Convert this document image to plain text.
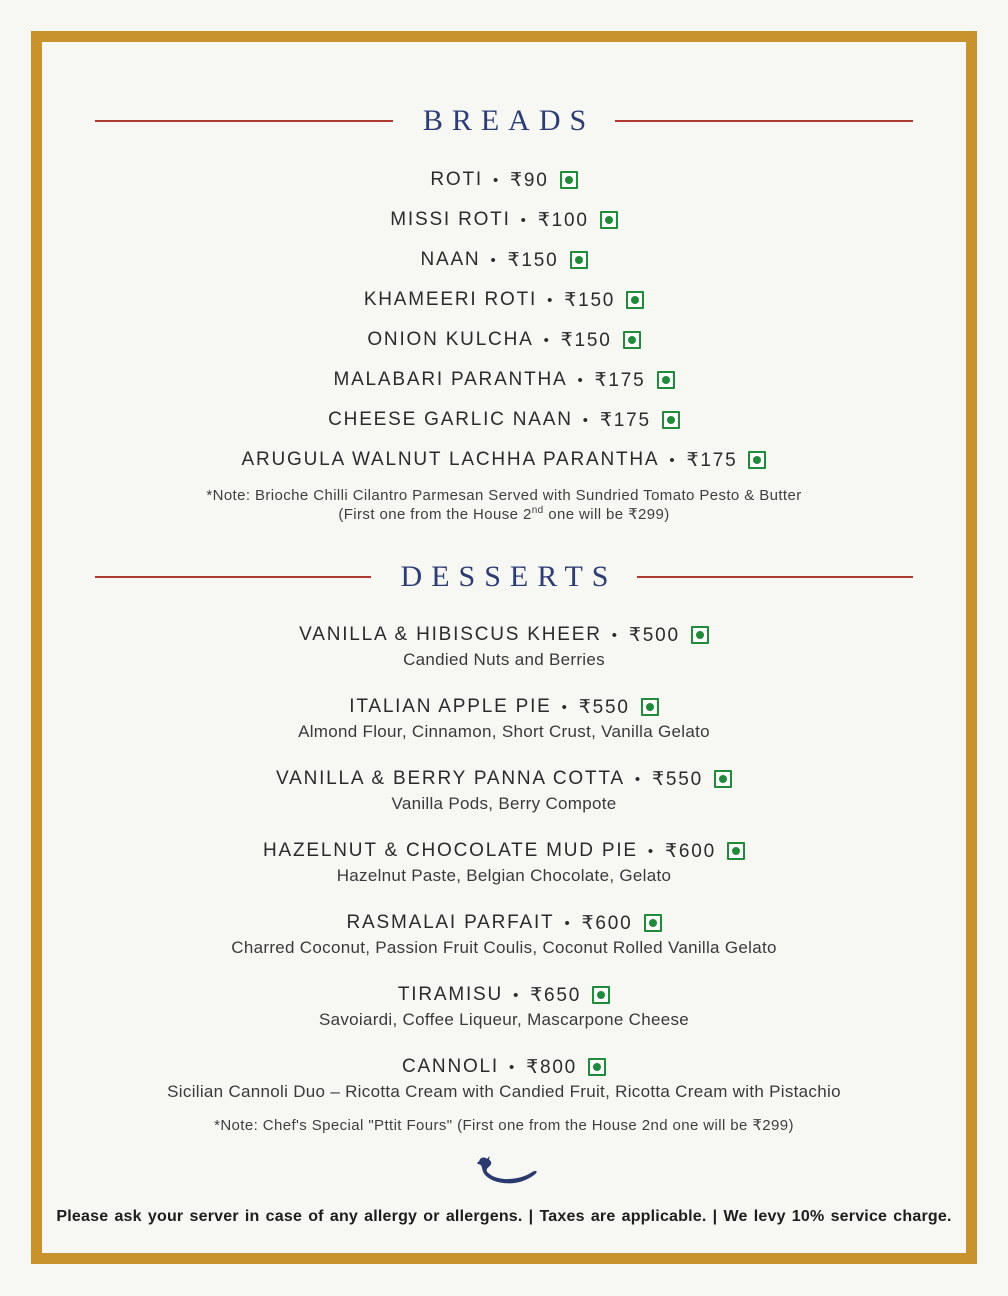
BREADS
ROTI • ₹90
MISSI ROTI • ₹100
NAAN • ₹150
KHAMEERI ROTI • ₹150
ONION KULCHA • ₹150
MALABARI PARANTHA • ₹175
CHEESE GARLIC NAAN • ₹175
ARUGULA WALNUT LACHHA PARANTHA • ₹175
*Note: Brioche Chilli Cilantro Parmesan Served with Sundried Tomato Pesto & Butter
(First one from the House 2nd one will be ₹299)
DESSERTS
VANILLA & HIBISCUS KHEER • ₹500
Candied Nuts and Berries
ITALIAN APPLE PIE • ₹550
Almond Flour, Cinnamon, Short Crust, Vanilla Gelato
VANILLA & BERRY PANNA COTTA • ₹550
Vanilla Pods, Berry Compote
HAZELNUT & CHOCOLATE MUD PIE • ₹600
Hazelnut Paste, Belgian Chocolate, Gelato
RASMALAI PARFAIT • ₹600
Charred Coconut, Passion Fruit Coulis, Coconut Rolled Vanilla Gelato
TIRAMISU • ₹650
Savoiardi, Coffee Liqueur, Mascarpone Cheese
CANNOLI • ₹800
Sicilian Cannoli Duo – Ricotta Cream with Candied Fruit, Ricotta Cream with Pistachio
*Note: Chef's Special "Pttit Fours" (First one from the House 2nd one will be ₹299)
Please ask your server in case of any allergy or allergens. | Taxes are applicable. | We levy 10% service charge.
